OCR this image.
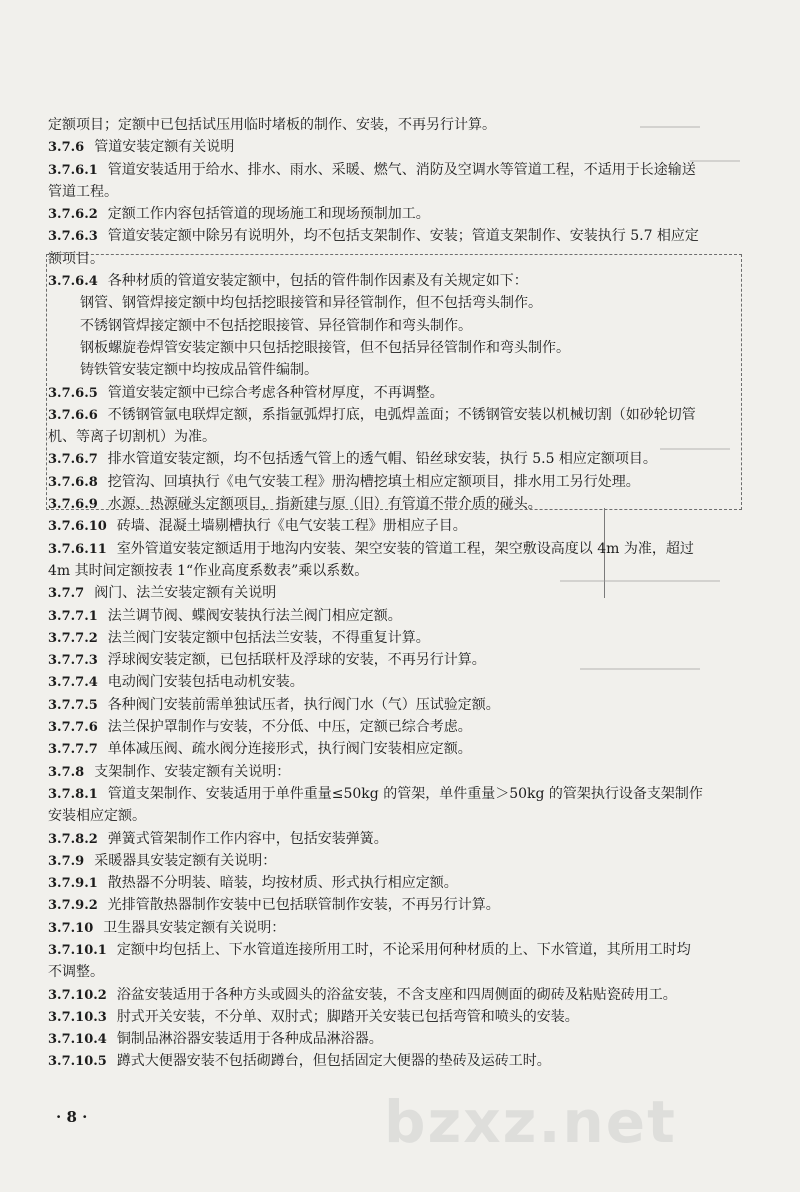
定额项目；定额中已包括试压用临时堵板的制作、安装，不再另行计算。
3.7.6 管道安装定额有关说明
3.7.6.1 管道安装适用于给水、排水、雨水、采暖、燃气、消防及空调水等管道工程，不适用于长途输送
管道工程。
3.7.6.2 定额工作内容包括管道的现场施工和现场预制加工。
3.7.6.3 管道安装定额中除另有说明外，均不包括支架制作、安装；管道支架制作、安装执行 5.7 相应定
额项目。
3.7.6.4 各种材质的管道安装定额中，包括的管件制作因素及有关规定如下：
钢管、钢管焊接定额中均包括挖眼接管和异径管制作，但不包括弯头制作。
不锈钢管焊接定额中不包括挖眼接管、异径管制作和弯头制作。
钢板螺旋卷焊管安装定额中只包括挖眼接管，但不包括异径管制作和弯头制作。
铸铁管安装定额中均按成品管件编制。
3.7.6.5 管道安装定额中已综合考虑各种管材厚度，不再调整。
3.7.6.6 不锈钢管氩电联焊定额，系指氩弧焊打底，电弧焊盖面；不锈钢管安装以机械切割（如砂轮切管
机、等离子切割机）为准。
3.7.6.7 排水管道安装定额，均不包括透气管上的透气帽、铅丝球安装，执行 5.5 相应定额项目。
3.7.6.8 挖管沟、回填执行《电气安装工程》册沟槽挖填土相应定额项目，排水用工另行处理。
3.7.6.9 水源、热源碰头定额项目，指新建与原（旧）有管道不带介质的碰头。
3.7.6.10 砖墙、混凝土墙剔槽执行《电气安装工程》册相应子目。
3.7.6.11 室外管道安装定额适用于地沟内安装、架空安装的管道工程，架空敷设高度以 4m 为准，超过
4m 其时间定额按表 1“作业高度系数表”乘以系数。
3.7.7 阀门、法兰安装定额有关说明
3.7.7.1 法兰调节阀、蝶阀安装执行法兰阀门相应定额。
3.7.7.2 法兰阀门安装定额中包括法兰安装，不得重复计算。
3.7.7.3 浮球阀安装定额，已包括联杆及浮球的安装，不再另行计算。
3.7.7.4 电动阀门安装包括电动机安装。
3.7.7.5 各种阀门安装前需单独试压者，执行阀门水（气）压试验定额。
3.7.7.6 法兰保护罩制作与安装，不分低、中压，定额已综合考虑。
3.7.7.7 单体减压阀、疏水阀分连接形式，执行阀门安装相应定额。
3.7.8 支架制作、安装定额有关说明：
3.7.8.1 管道支架制作、安装适用于单件重量≤50kg 的管架，单件重量＞50kg 的管架执行设备支架制作
安装相应定额。
3.7.8.2 弹簧式管架制作工作内容中，包括安装弹簧。
3.7.9 采暖器具安装定额有关说明：
3.7.9.1 散热器不分明装、暗装，均按材质、形式执行相应定额。
3.7.9.2 光排管散热器制作安装中已包括联管制作安装，不再另行计算。
3.7.10 卫生器具安装定额有关说明：
3.7.10.1 定额中均包括上、下水管道连接所用工时，不论采用何种材质的上、下水管道，其所用工时均
不调整。
3.7.10.2 浴盆安装适用于各种方头或圆头的浴盆安装，不含支座和四周侧面的砌砖及粘贴瓷砖用工。
3.7.10.3 肘式开关安装，不分单、双肘式；脚踏开关安装已包括弯管和喷头的安装。
3.7.10.4 铜制品淋浴器安装适用于各种成品淋浴器。
3.7.10.5 蹲式大便器安装不包括砌蹲台，但包括固定大便器的垫砖及运砖工时。
· 8 ·	bzxz.net
